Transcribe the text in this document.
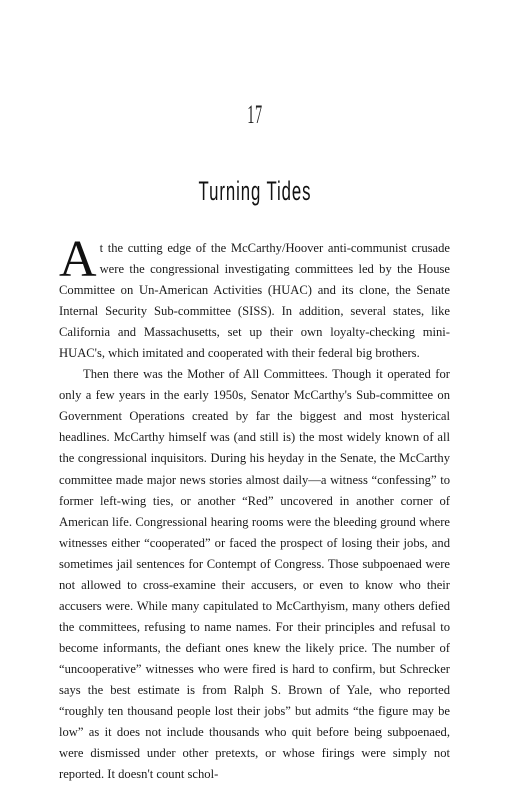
17
Turning Tides

At the cutting edge of the McCarthy/Hoover anti-communist crusade were the congressional investigating committees led by the House Committee on Un-American Activities (HUAC) and its clone, the Senate Internal Security Sub-committee (SISS). In addition, several states, like California and Massachusetts, set up their own loyalty-checking mini-HUAC's, which imitated and cooperated with their federal big brothers.

Then there was the Mother of All Committees. Though it operated for only a few years in the early 1950s, Senator McCarthy's Sub-committee on Government Operations created by far the biggest and most hysterical headlines. McCarthy himself was (and still is) the most widely known of all the congressional inquisitors. During his heyday in the Senate, the McCarthy committee made major news stories almost daily—a witness “confessing” to former left-wing ties, or another “Red” uncovered in another corner of American life. Congressional hearing rooms were the bleeding ground where witnesses either “cooperated” or faced the prospect of losing their jobs, and sometimes jail sentences for Contempt of Congress. Those subpoenaed were not allowed to cross-examine their accusers, or even to know who their accusers were. While many capitulated to McCarthyism, many others defied the committees, refusing to name names. For their principles and refusal to become informants, the defiant ones knew the likely price. The number of “uncooperative” witnesses who were fired is hard to confirm, but Schrecker says the best estimate is from Ralph S. Brown of Yale, who reported “roughly ten thousand people lost their jobs” but admits “the figure may be low” as it does not include thousands who quit before being subpoenaed, were dismissed under other pretexts, or whose firings were simply not reported. It doesn't count schol-
